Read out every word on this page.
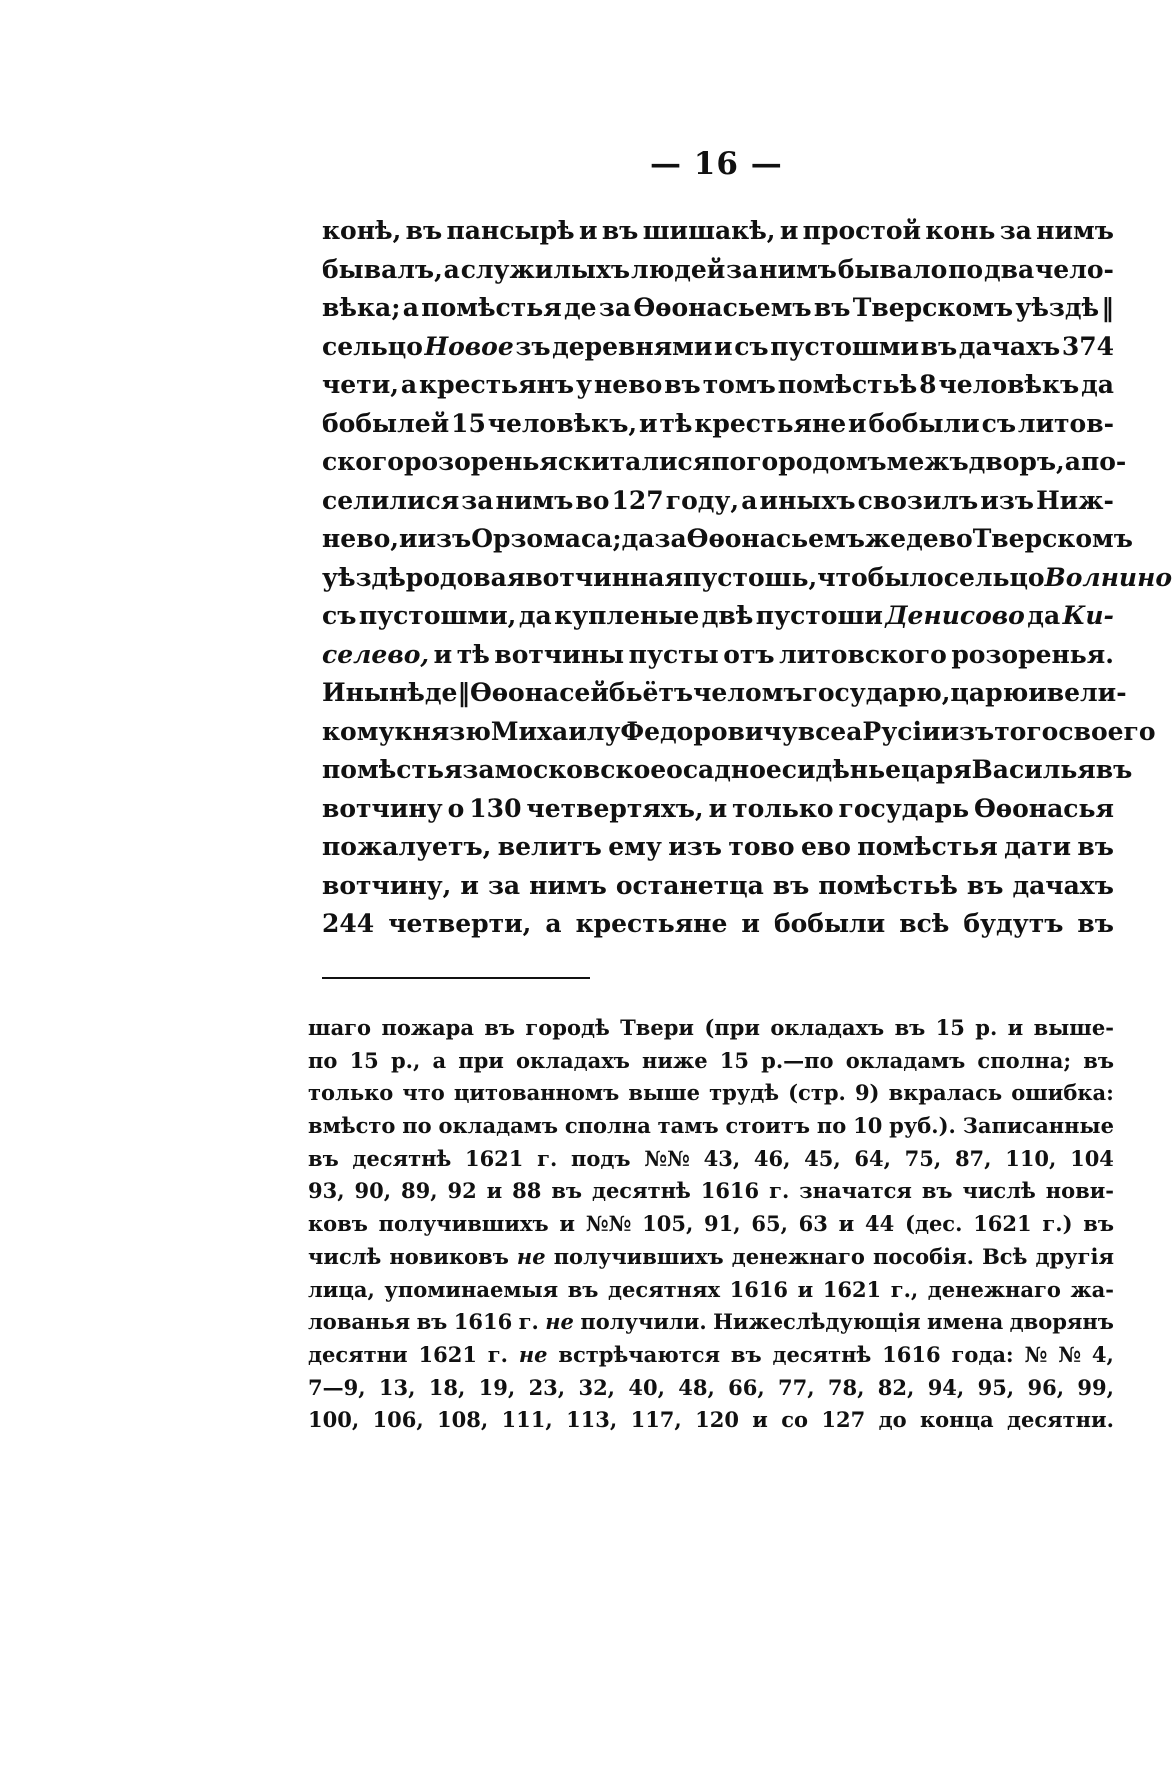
— 16 —
конѣ, въ пансырѣ и въ шишакѣ, и простой конь за нимъ
бывалъ, а служилыхъ людей за нимъ бывало по два чело-
вѣка; а помѣстья де за Ѳѳонасьемъ въ Тверскомъ уѣздѣ ‖
сельцо Новое зъ деревнями и съ пустошми въ дачахъ 374
чети, а крестьянъ у нево въ томъ помѣстьѣ 8 человѣкъ да
бобылей 15 человѣкъ, и тѣ крестьяне и бобыли съ литов-
ского розоренья скиталися по городомъ межъ дворъ, а по-
селилися за нимъ во 127 году, а иныхъ свозилъ изъ Ниж-
нево, и изъ Орзомаса; да за Ѳѳонасьемъ же де во Тверскомъ
уѣздѣ родовая вотчинная пустошь, что было сельцо Волнино
съ пустошми, да купленые двѣ пустоши Денисово да Ки-
селево, и тѣ вотчины пусты отъ литовского розоренья.
И нынѣ де ‖ Ѳѳонасей бьётъ челомъ государю, царю и вели-
кому князю Михаилу Федоровичу всеа Русіи изъ того своего
помѣстья за московское осадное сидѣнье царя Василья въ
вотчину о 130 четвертяхъ, и только государь Ѳѳонасья
пожалуетъ, велитъ ему изъ тово ево помѣстья дати въ
вотчину, и за нимъ останетца въ помѣстьѣ въ дачахъ
244 четверти, а крестьяне и бобыли всѣ будутъ въ
шагo пожара въ городѣ Твери (при окладахъ въ 15 р. и выше-
по 15 р., а при окладахъ ниже 15 р.—по окладамъ сполна; въ
только что цитованномъ выше трудѣ (стр. 9) вкралась ошибка:
вмѣсто по окладамъ сполна тамъ стоитъ по 10 руб.). Записанные
въ десятнѣ 1621 г. подъ №№ 43, 46, 45, 64, 75, 87, 110, 104
93, 90, 89, 92 и 88 въ десятнѣ 1616 г. значатся въ числѣ нови-
ковъ получившихъ и №№ 105, 91, 65, 63 и 44 (дес. 1621 г.) въ
числѣ новиковъ не получившихъ денежнаго пособія. Всѣ другія
лица, упоминаемыя въ десятнях 1616 и 1621 г., денежнаго жа-
лованья въ 1616 г. не получили. Нижеслѣдующія имена дворянъ
десятни 1621 г. не встрѣчаются въ десятнѣ 1616 года: № № 4,
7—9, 13, 18, 19, 23, 32, 40, 48, 66, 77, 78, 82, 94, 95, 96, 99,
100, 106, 108, 111, 113, 117, 120 и со 127 до конца десятни.
